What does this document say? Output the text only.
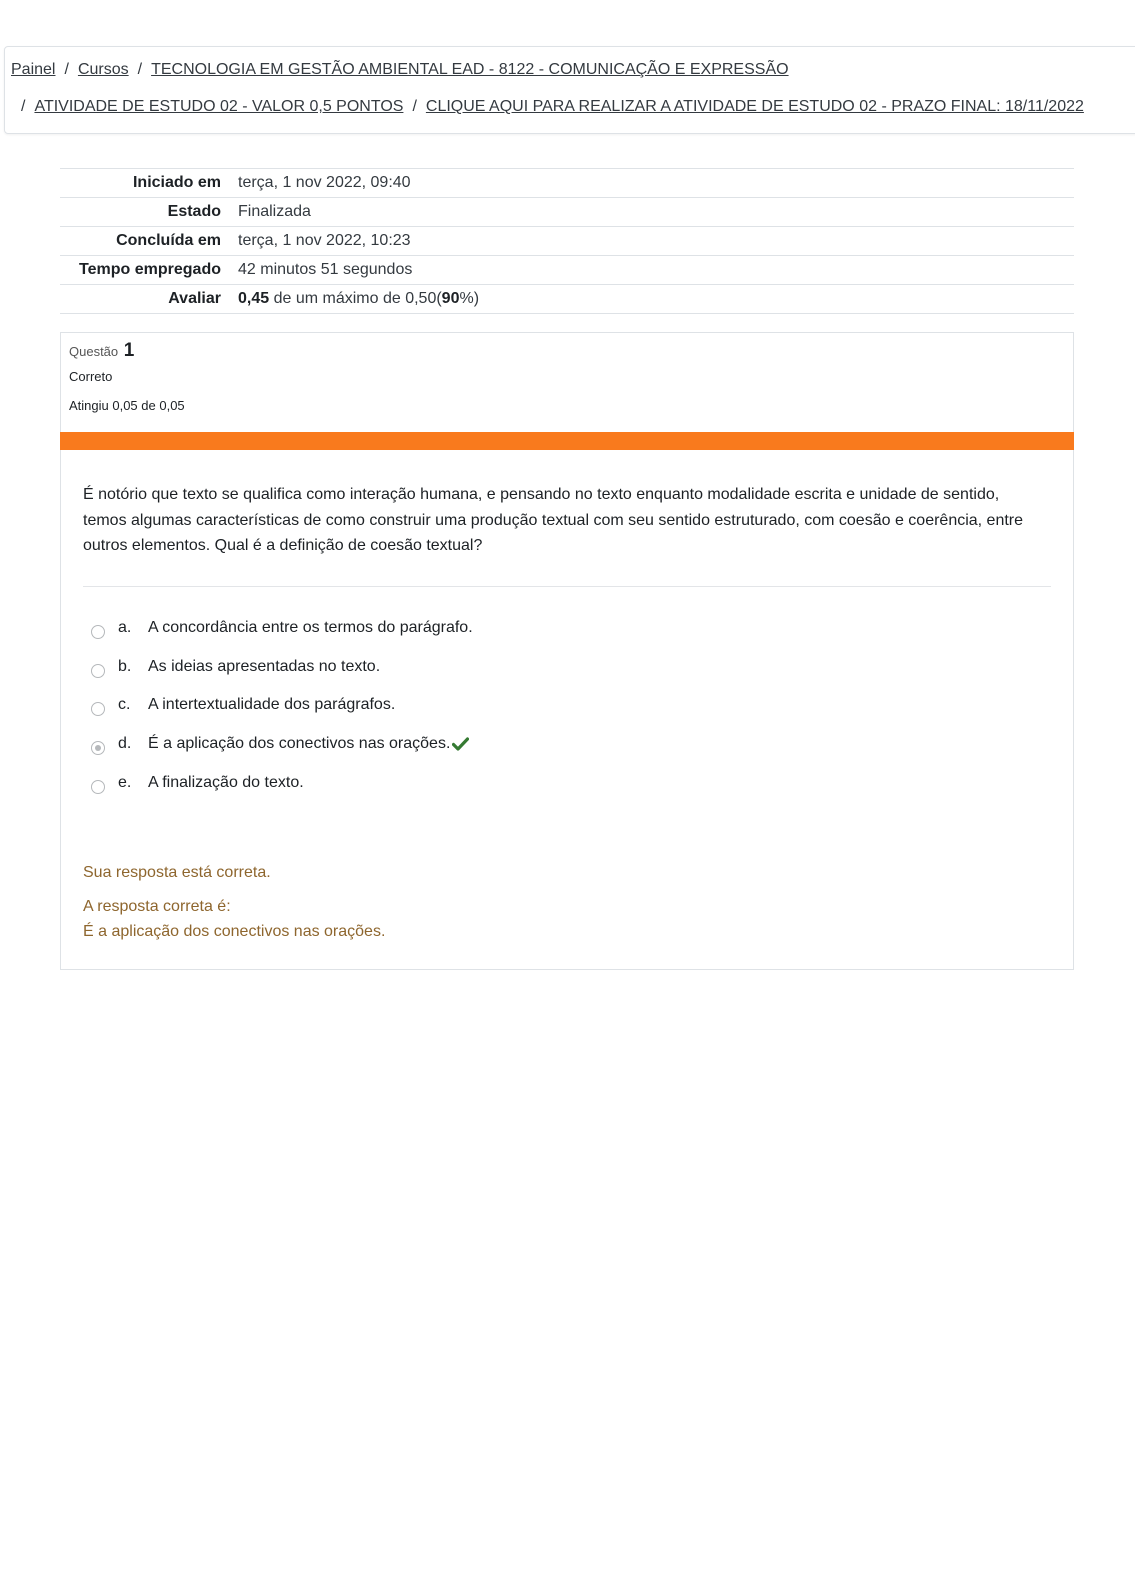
Painel / Cursos / TECNOLOGIA EM GESTÃO AMBIENTAL EAD - 8122 - COMUNICAÇÃO E EXPRESSÃO
/ ATIVIDADE DE ESTUDO 02 - VALOR 0,5 PONTOS / CLIQUE AQUI PARA REALIZAR A ATIVIDADE DE ESTUDO 02 - PRAZO FINAL: 18/11/2022
Iniciado em	terça, 1 nov 2022, 09:40
Estado	Finalizada
Concluída em	terça, 1 nov 2022, 10:23
Tempo empregado	42 minutos 51 segundos
Avaliar	0,45 de um máximo de 0,50(90%)
Questão 1
Correto
Atingiu 0,05 de 0,05
É notório que texto se qualifica como interação humana, e pensando no texto enquanto modalidade escrita e unidade de sentido, temos algumas características de como construir uma produção textual com seu sentido estruturado, com coesão e coerência, entre outros elementos. Qual é a definição de coesão textual?
a.	A concordância entre os termos do parágrafo.
b.	As ideias apresentadas no texto.
c.	A intertextualidade dos parágrafos.
d.	É a aplicação dos conectivos nas orações.
e.	A finalização do texto.
Sua resposta está correta.
A resposta correta é:
É a aplicação dos conectivos nas orações.
